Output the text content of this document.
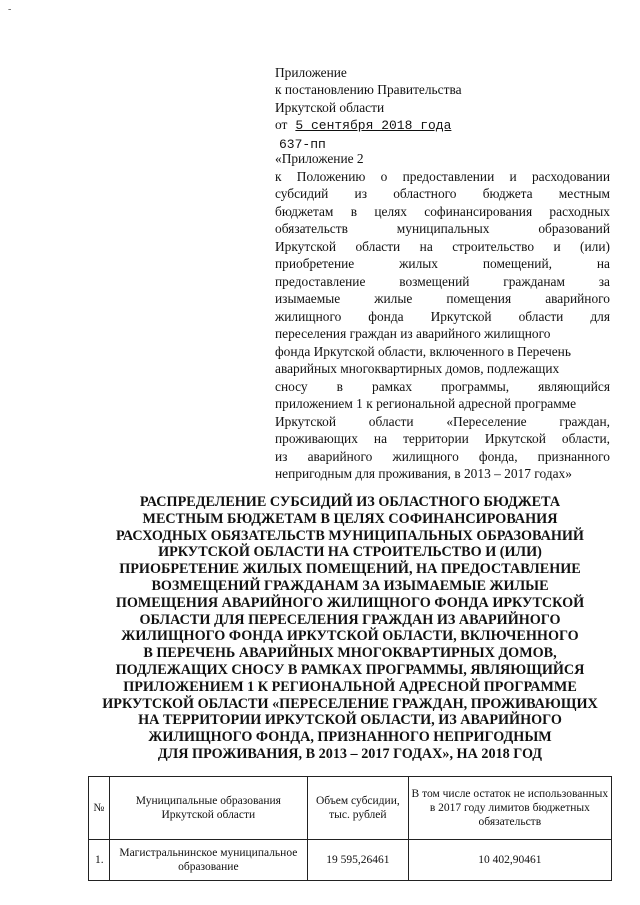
-
Приложение
к постановлению Правительства
Иркутской области
от 5 сентября 2018 года
637-пп
«Приложение 2
к Положению о предоставлении и расходовании
субсидий из областного бюджета местным
бюджетам в целях софинансирования расходных
обязательств муниципальных образований
Иркутской области на строительство и (или)
приобретение жилых помещений, на
предоставление возмещений гражданам за
изымаемые жилые помещения аварийного
жилищного фонда Иркутской области для
переселения граждан из аварийного жилищного
фонда Иркутской области, включенного в Перечень
аварийных многоквартирных домов, подлежащих
сносу в рамках программы, являющийся
приложением 1 к региональной адресной программе
Иркутской области «Переселение граждан,
проживающих на территории Иркутской области,
из аварийного жилищного фонда, признанного
непригодным для проживания, в 2013 – 2017 годах»
РАСПРЕДЕЛЕНИЕ СУБСИДИЙ ИЗ ОБЛАСТНОГО БЮДЖЕТА
МЕСТНЫМ БЮДЖЕТАМ В ЦЕЛЯХ СОФИНАНСИРОВАНИЯ
РАСХОДНЫХ ОБЯЗАТЕЛЬСТВ МУНИЦИПАЛЬНЫХ ОБРАЗОВАНИЙ
ИРКУТСКОЙ ОБЛАСТИ НА СТРОИТЕЛЬСТВО И (ИЛИ)
ПРИОБРЕТЕНИЕ ЖИЛЫХ ПОМЕЩЕНИЙ, НА ПРЕДОСТАВЛЕНИЕ
ВОЗМЕЩЕНИЙ ГРАЖДАНАМ ЗА ИЗЫМАЕМЫЕ ЖИЛЫЕ
ПОМЕЩЕНИЯ АВАРИЙНОГО ЖИЛИЩНОГО ФОНДА ИРКУТСКОЙ
ОБЛАСТИ ДЛЯ ПЕРЕСЕЛЕНИЯ ГРАЖДАН ИЗ АВАРИЙНОГО
ЖИЛИЩНОГО ФОНДА ИРКУТСКОЙ ОБЛАСТИ, ВКЛЮЧЕННОГО
В ПЕРЕЧЕНЬ АВАРИЙНЫХ МНОГОКВАРТИРНЫХ ДОМОВ,
ПОДЛЕЖАЩИХ СНОСУ В РАМКАХ ПРОГРАММЫ, ЯВЛЯЮЩИЙСЯ
ПРИЛОЖЕНИЕМ 1 К РЕГИОНАЛЬНОЙ АДРЕСНОЙ ПРОГРАММЕ
ИРКУТСКОЙ ОБЛАСТИ «ПЕРЕСЕЛЕНИЕ ГРАЖДАН, ПРОЖИВАЮЩИХ
НА ТЕРРИТОРИИ ИРКУТСКОЙ ОБЛАСТИ, ИЗ АВАРИЙНОГО
ЖИЛИЩНОГО ФОНДА, ПРИЗНАННОГО НЕПРИГОДНЫМ
ДЛЯ ПРОЖИВАНИЯ, В 2013 – 2017 ГОДАХ», НА 2018 ГОД
№	Муниципальные образования Иркутской области	Объем субсидии, тыс. рублей	В том числе остаток не использованных в 2017 году лимитов бюджетных обязательств
1.	Магистральнинское муниципальное образование	19 595,26461	10 402,90461
